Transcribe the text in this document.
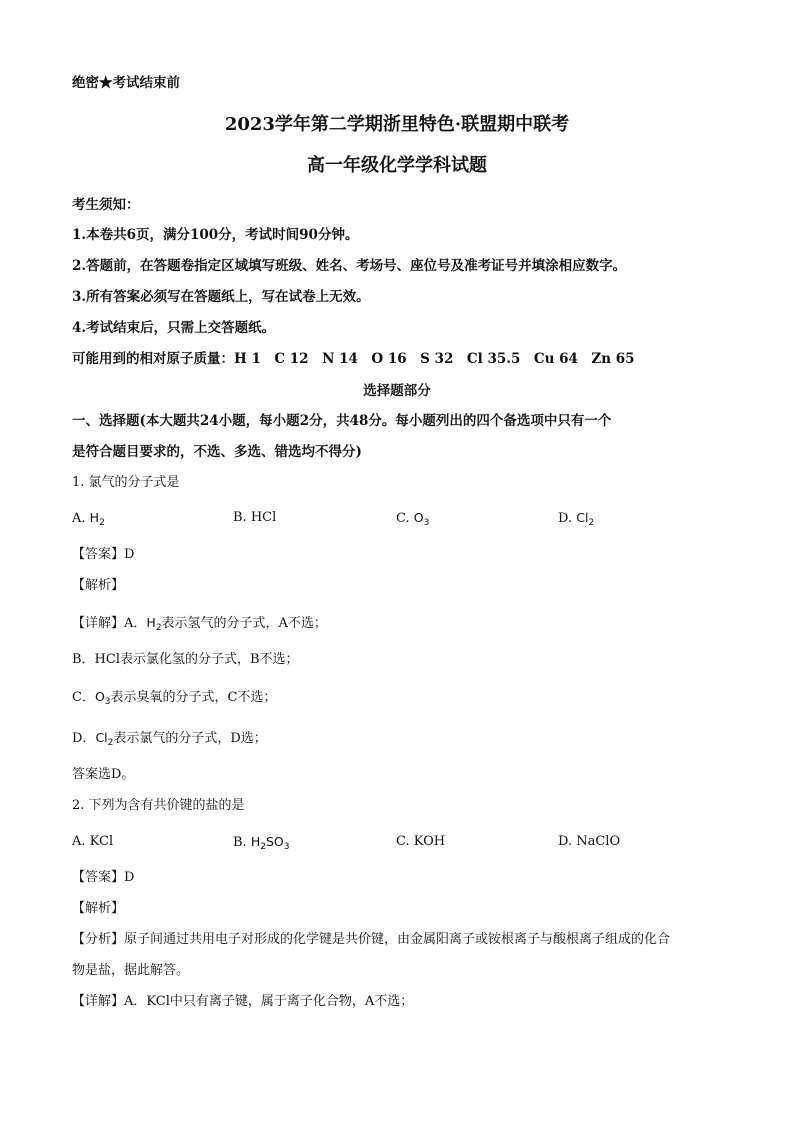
绝密★考试结束前
2023学年第二学期浙里特色·联盟期中联考
高一年级化学学科试题
考生须知：
1.本卷共6页，满分100分，考试时间90分钟。
2.答题前，在答题卷指定区域填写班级、姓名、考场号、座位号及准考证号并填涂相应数字。
3.所有答案必须写在答题纸上，写在试卷上无效。
4.考试结束后，只需上交答题纸。
可能用到的相对原子质量：H 1　C 12　N 14　O 16　S 32　Cl 35.5　Cu 64　Zn 65
选择题部分
一、选择题(本大题共24小题，每小题2分，共48分。每小题列出的四个备选项中只有一个
是符合题目要求的，不选、多选、错选均不得分)
1. 氯气的分子式是
A. $H_2$	B. HCl	C. $O_3$	D. $Cl_2$
【答案】D
【解析】
【详解】A．$H_2$表示氢气的分子式，A不选；
B．HCl表示氯化氢的分子式，B不选；
C．$O_3$表示臭氧的分子式，C不选；
D．$Cl_2$表示氯气的分子式，D选；
答案选D。
2. 下列为含有共价键的盐的是
A. KCl	B. $H_2SO_3$	C. KOH	D. NaClO
【答案】D
【解析】
【分析】原子间通过共用电子对形成的化学键是共价键，由金属阳离子或铵根离子与酸根离子组成的化合
物是盐，据此解答。
【详解】A．KCl中只有离子键，属于离子化合物，A不选；
